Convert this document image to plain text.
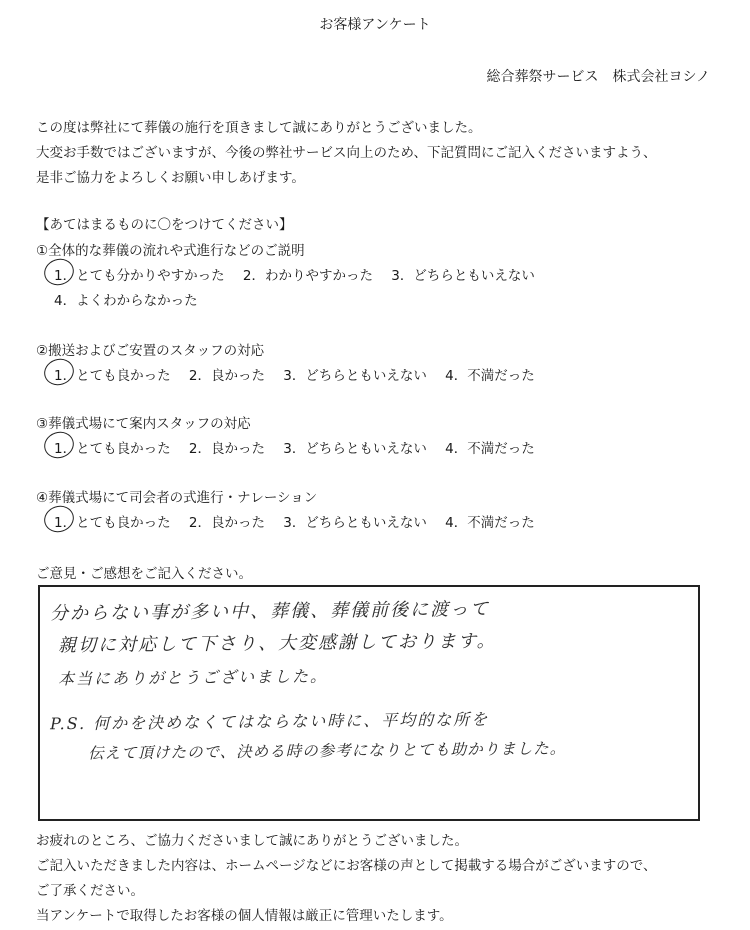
お客様アンケート
総合葬祭サービス　株式会社ヨシノ
この度は弊社にて葬儀の施行を頂きまして誠にありがとうございました。
大変お手数ではございますが、今後の弊社サービス向上のため、下記質問にご記入くださいますよう、
是非ご協力をよろしくお願い申しあげます。
【あてはまるものに〇をつけてください】
①全体的な葬儀の流れや式進行などのご説明
1．とても分かりやすかった 2．わかりやすかった 3．どちらともいえない
4．よくわからなかった
②搬送およびご安置のスタッフの対応
1．とても良かった 2．良かった 3．どちらともいえない 4．不満だった
③葬儀式場にて案内スタッフの対応
1．とても良かった 2．良かった 3．どちらともいえない 4．不満だった
④葬儀式場にて司会者の式進行・ナレーション
1．とても良かった 2．良かった 3．どちらともいえない 4．不満だった
ご意見・ご感想をご記入ください。
分からない事が多い中、葬儀、葬儀前後に渡って
親切に対応して下さり、大変感謝しております。
本当にありがとうございました。
P.S. 何かを決めなくてはならない時に、平均的な所を
伝えて頂けたので、決める時の参考になりとても助かりました。
お疲れのところ、ご協力くださいまして誠にありがとうございました。
ご記入いただきました内容は、ホームページなどにお客様の声として掲載する場合がございますので、
ご了承ください。
当アンケートで取得したお客様の個人情報は厳正に管理いたします。
